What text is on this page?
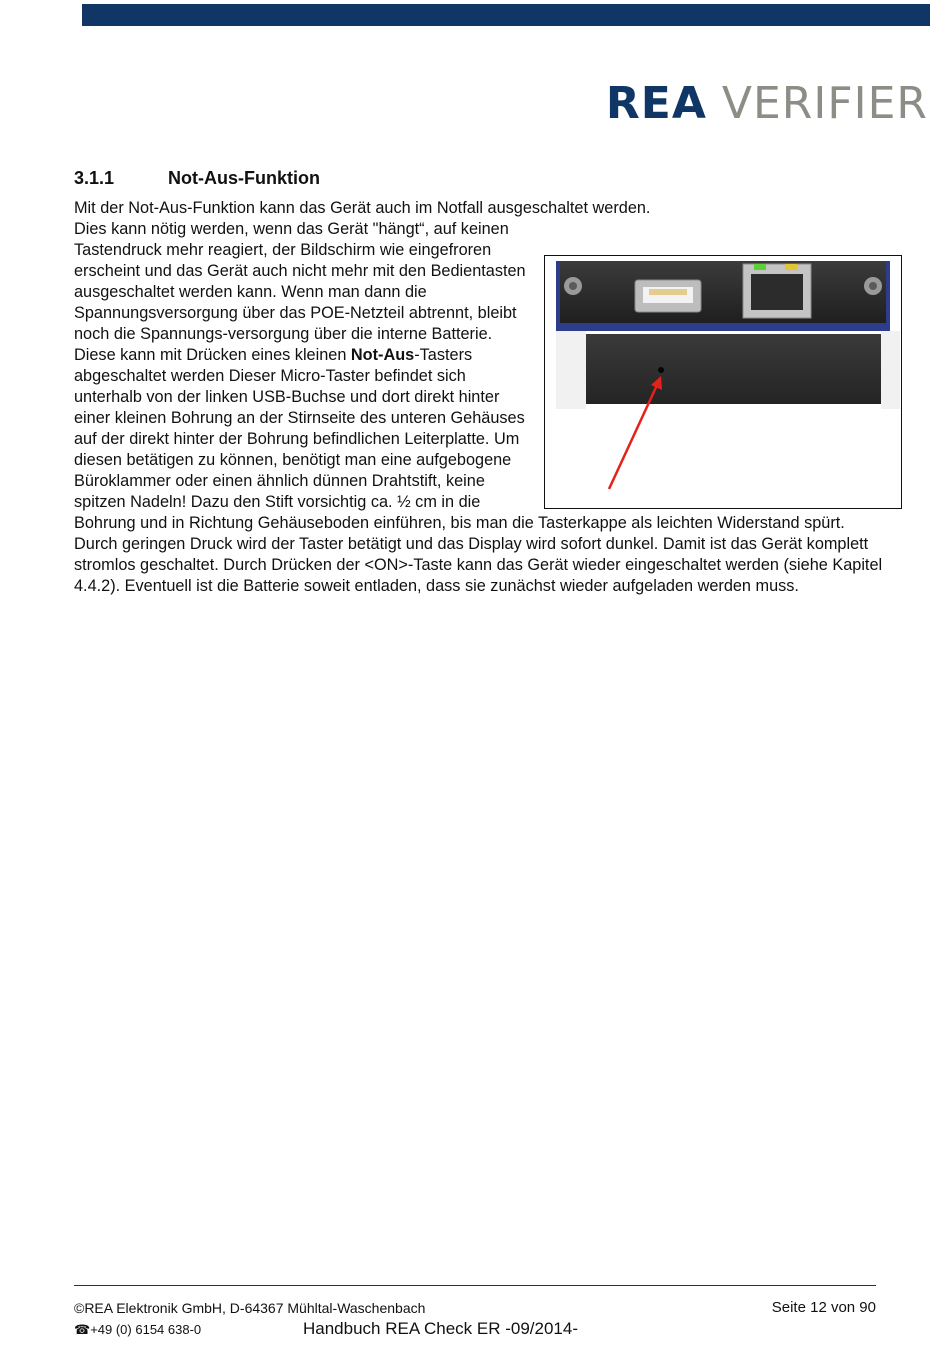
REA VERIFIER
3.1.1	Not-Aus-Funktion

Mit der Not-Aus-Funktion kann das Gerät auch im Notfall ausgeschaltet werden.

Dies kann nötig werden, wenn das Gerät "hängt“, auf keinen Tastendruck mehr reagiert, der Bildschirm wie eingefroren erscheint und das Gerät auch nicht mehr mit den Bedientasten ausgeschaltet werden kann. Wenn man dann die Spannungsversorgung über das POE-Netzteil abtrennt, bleibt noch die Spannungs-versorgung über die interne Batterie. Diese kann mit Drücken eines kleinen Not-Aus-Tasters abgeschaltet werden Dieser Micro-Taster befindet sich unterhalb von der linken USB-Buchse und dort direkt hinter einer kleinen Bohrung an der Stirnseite des unteren Gehäuses auf der direkt hinter der Bohrung befindlichen Leiterplatte. Um diesen betätigen zu können, benötigt man eine aufgebogene Büroklammer oder einen ähnlich dünnen Drahtstift, keine spitzen Nadeln! Dazu den Stift vorsichtig ca. ½ cm in die Bohrung und in Richtung Gehäuseboden einführen, bis man die Tasterkappe als leichten Widerstand spürt.

Durch geringen Druck wird der Taster betätigt und das Display wird sofort dunkel. Damit ist das Gerät komplett stromlos geschaltet. Durch Drücken der <ON>-Taste kann das Gerät wieder eingeschaltet werden (siehe Kapitel 4.4.2). Eventuell ist die Batterie soweit entladen, dass sie zunächst wieder aufgeladen werden muss.

©REA Elektronik GmbH, D-64367 Mühltal-Waschenbach	Seite 12 von 90
☎+49 (0) 6154 638-0	Handbuch REA Check ER -09/2014-
